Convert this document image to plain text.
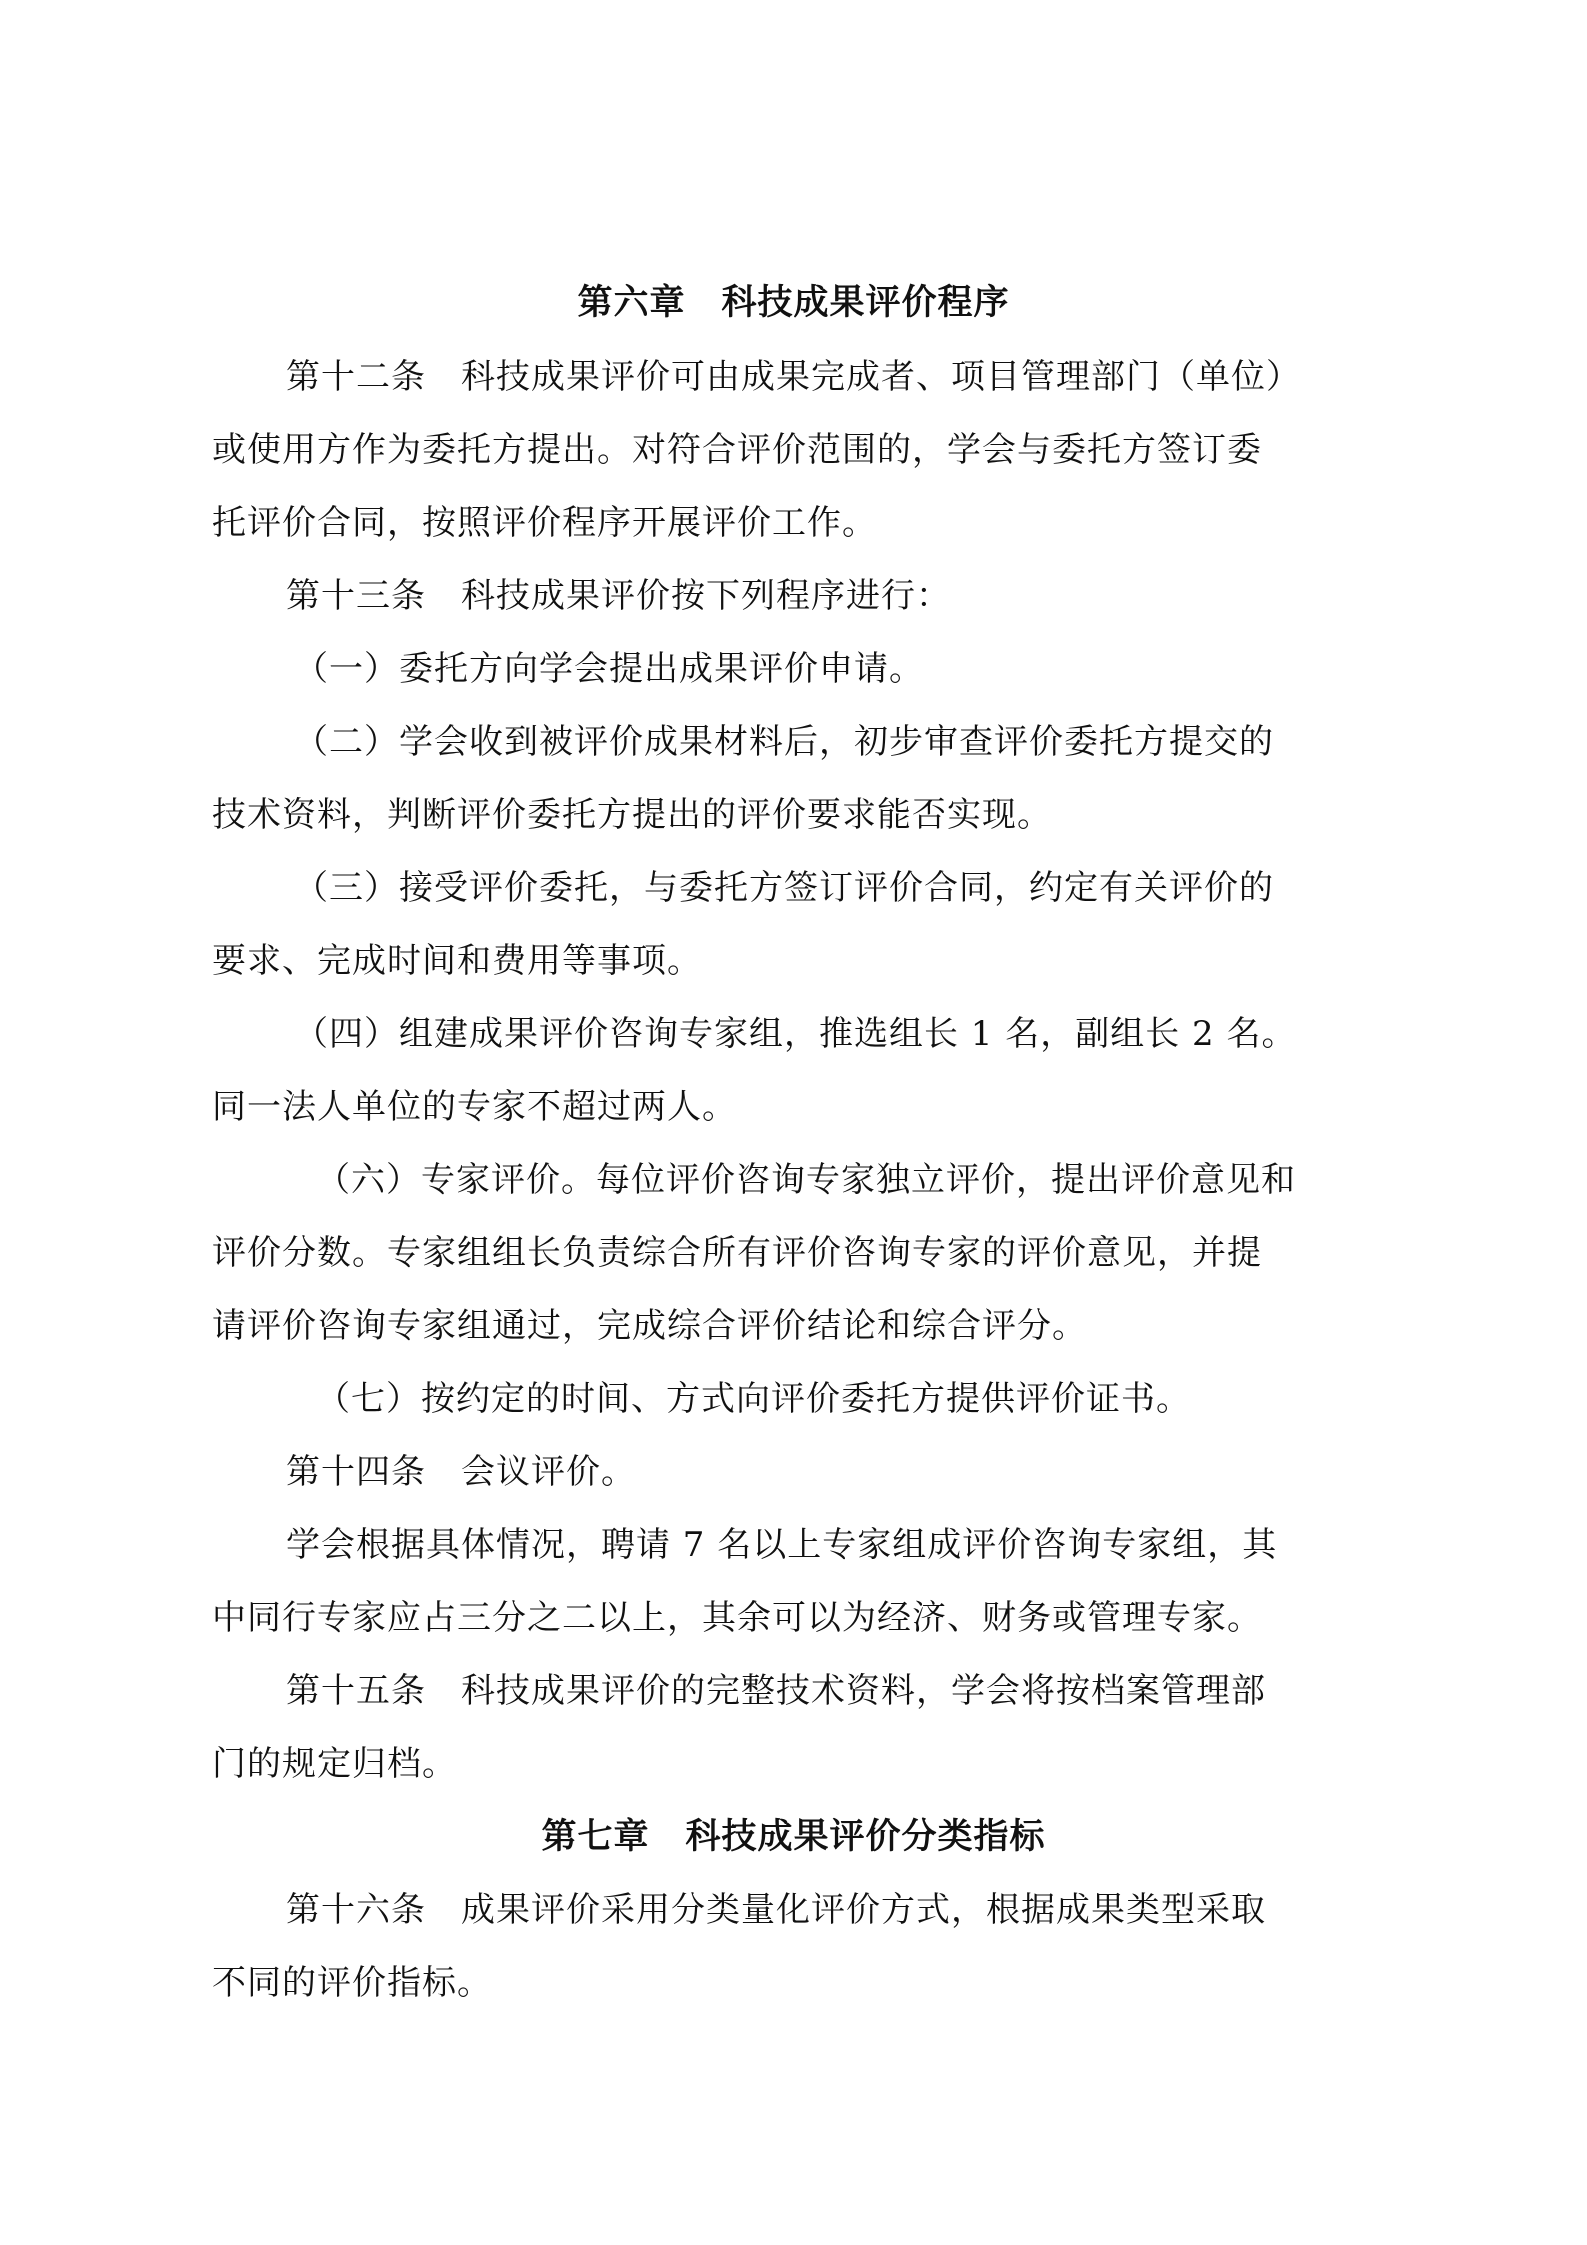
第六章　科技成果评价程序
第十二条　科技成果评价可由成果完成者、项目管理部门（单位）
或使用方作为委托方提出。对符合评价范围的，学会与委托方签订委
托评价合同，按照评价程序开展评价工作。
第十三条　科技成果评价按下列程序进行：
（一）委托方向学会提出成果评价申请。
（二）学会收到被评价成果材料后，初步审查评价委托方提交的
技术资料，判断评价委托方提出的评价要求能否实现。
（三）接受评价委托，与委托方签订评价合同，约定有关评价的
要求、完成时间和费用等事项。
（四）组建成果评价咨询专家组，推选组长 1 名，副组长 2 名。
同一法人单位的专家不超过两人。
（六）专家评价。每位评价咨询专家独立评价，提出评价意见和
评价分数。专家组组长负责综合所有评价咨询专家的评价意见，并提
请评价咨询专家组通过，完成综合评价结论和综合评分。
（七）按约定的时间、方式向评价委托方提供评价证书。
第十四条　会议评价。
学会根据具体情况，聘请 7 名以上专家组成评价咨询专家组，其
中同行专家应占三分之二以上，其余可以为经济、财务或管理专家。
第十五条　科技成果评价的完整技术资料，学会将按档案管理部
门的规定归档。
第七章　科技成果评价分类指标
第十六条　成果评价采用分类量化评价方式，根据成果类型采取
不同的评价指标。
